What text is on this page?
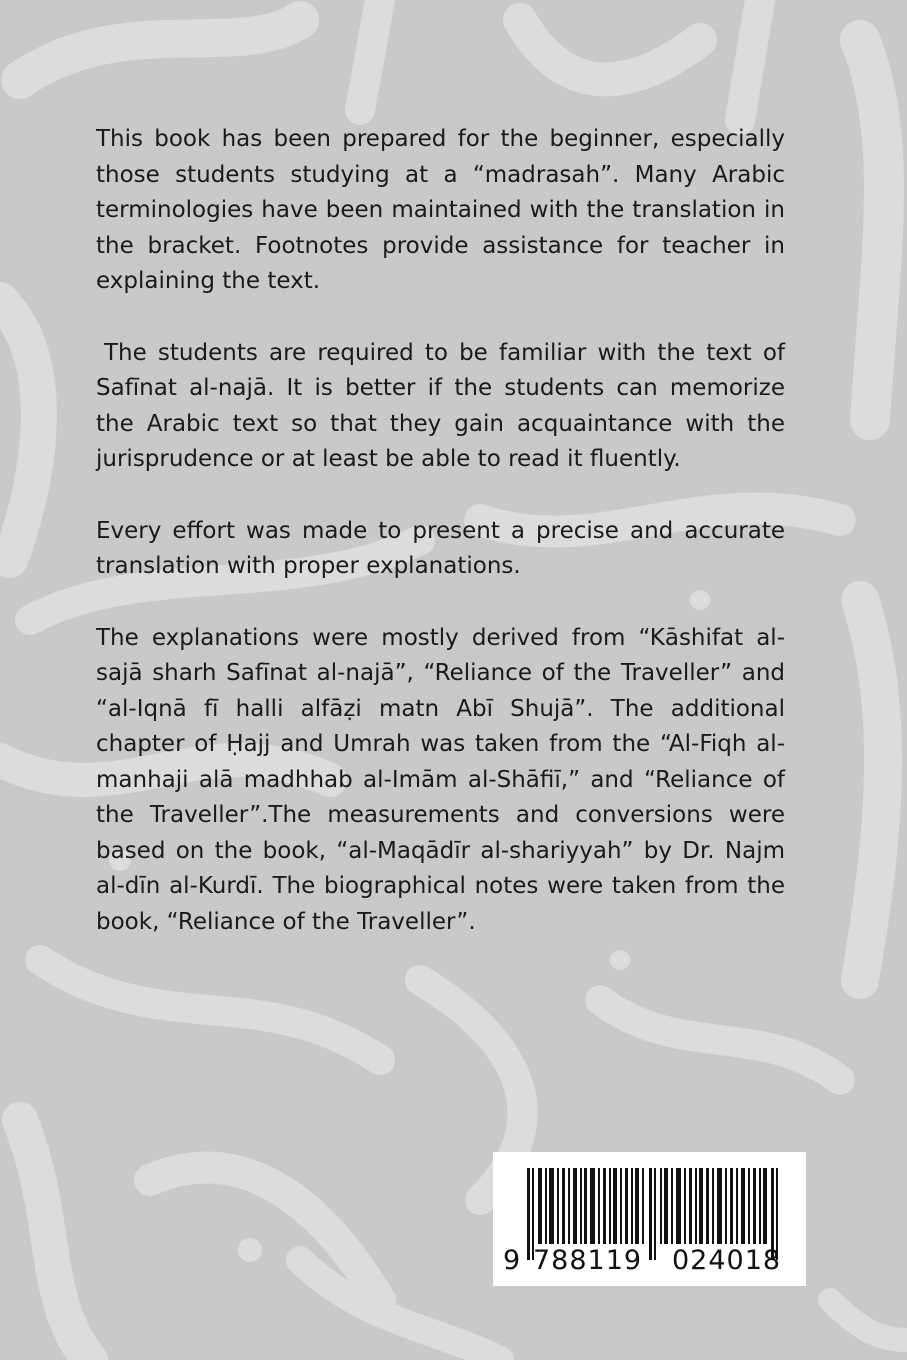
This book has been prepared for the beginner, especially those students studying at a “madrasah”. Many Arabic terminologies have been maintained with the translation in the bracket. Footnotes provide assistance for teacher in explaining the text.

The students are required to be familiar with the text of Safīnat al-najā. It is better if the students can memorize the Arabic text so that they gain acquaintance with the jurisprudence or at least be able to read it fluently.

Every effort was made to present a precise and accurate translation with proper explanations.

The explanations were mostly derived from “Kāshifat al-sajā sharh Safīnat al-najā”, “Reliance of the Traveller” and “al-Iqnā fī halli alfāẓi matn Abī Shujā”. The additional chapter of Ḥajj and Umrah was taken from the “Al-Fiqh al-manhaji alā madhhab al-Imām al-Shāfiī,” and “Reliance of the Traveller”.The measurements and conversions were based on the book, “al-Maqādīr al-shariyyah” by Dr. Najm al-dīn al-Kurdī. The biographical notes were taken from the book, “Reliance of the Traveller”.

9 788119 024018
